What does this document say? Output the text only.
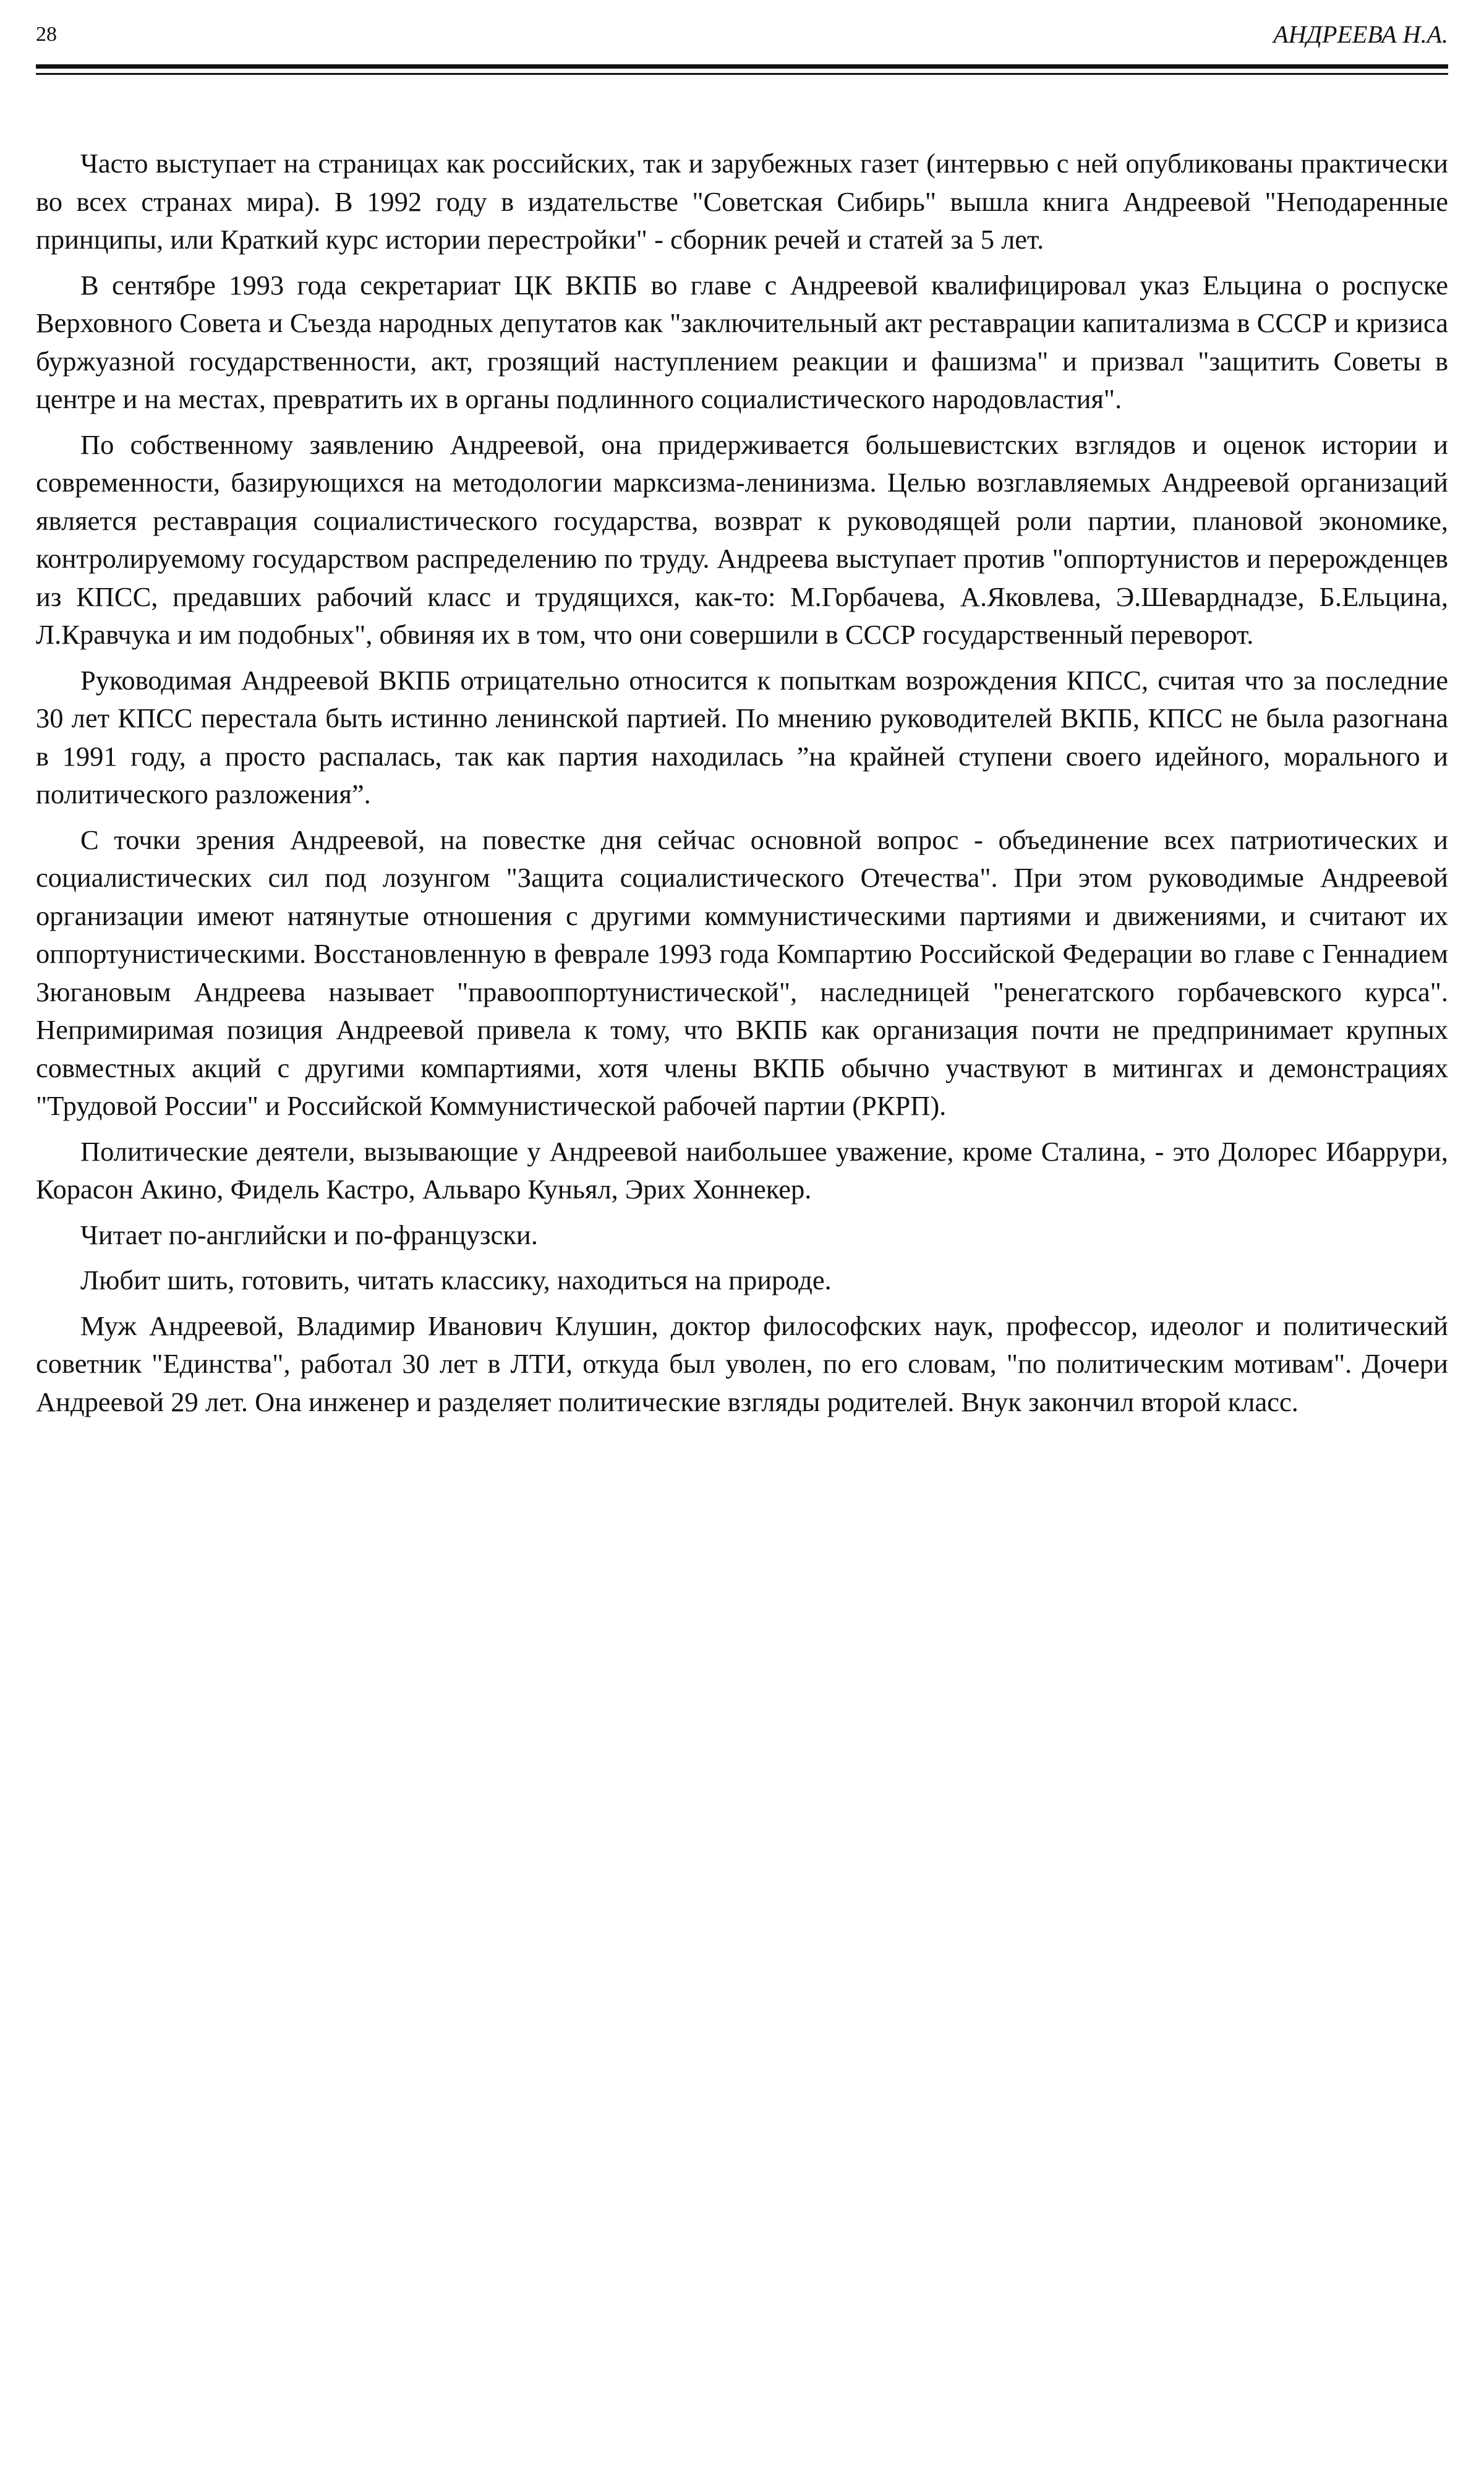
28	АНДРЕЕВА Н.А.

Часто выступает на страницах как российских, так и зарубежных газет (интервью с ней опубликованы практически во всех странах мира). В 1992 году в издательстве "Советская Сибирь" вышла книга Андреевой "Неподаренные принципы, или Краткий курс истории перестройки" - сборник речей и статей за 5 лет.

В сентябре 1993 года секретариат ЦК ВКПБ во главе с Андреевой квалифицировал указ Ельцина о роспуске Верховного Совета и Съезда народных депутатов как "заключительный акт реставрации капитализма в СССР и кризиса буржуазной государственности, акт, грозящий наступлением реакции и фашизма" и призвал "защитить Советы в центре и на местах, превратить их в органы подлинного социалистического народовластия".

По собственному заявлению Андреевой, она придерживается большевистских взглядов и оценок истории и современности, базирующихся на методологии марксизма-ленинизма. Целью возглавляемых Андреевой организаций является реставрация социалистического государства, возврат к руководящей роли партии, плановой экономике, контролируемому государством распределению по труду. Андреева выступает против "оппортунистов и перерожденцев из КПСС, предавших рабочий класс и трудящихся, как-то: М.Горбачева, А.Яковлева, Э.Шеварднадзе, Б.Ельцина, Л.Кравчука и им подобных", обвиняя их в том, что они совершили в СССР государственный переворот.

Руководимая Андреевой ВКПБ отрицательно относится к попыткам возрождения КПСС, считая что за последние 30 лет КПСС перестала быть истинно ленинской партией. По мнению руководителей ВКПБ, КПСС не была разогнана в 1991 году, а просто распалась, так как партия находилась ”на крайней ступени своего идейного, морального и политического разложения”.

С точки зрения Андреевой, на повестке дня сейчас основной вопрос - объединение всех патриотических и социалистических сил под лозунгом "Защита социалистического Отечества". При этом руководимые Андреевой организации имеют натянутые отношения с другими коммунистическими партиями и движениями, и считают их оппортунистическими. Восстановленную в феврале 1993 года Компартию Российской Федерации во главе с Геннадием Зюгановым Андреева называет "правооппортунистической", наследницей "ренегатского горбачевского курса". Непримиримая позиция Андреевой привела к тому, что ВКПБ как организация почти не предпринимает крупных совместных акций с другими компартиями, хотя члены ВКПБ обычно участвуют в митингах и демонстрациях "Трудовой России" и Российской Коммунистической рабочей партии (РКРП).

Политические деятели, вызывающие у Андреевой наибольшее уважение, кроме Сталина, - это Долорес Ибаррури, Корасон Акино, Фидель Кастро, Альваро Куньял, Эрих Хоннекер.

Читает по-английски и по-французски.

Любит шить, готовить, читать классику, находиться на природе.

Муж Андреевой, Владимир Иванович Клушин, доктор философских наук, профессор, идеолог и политический советник "Единства", работал 30 лет в ЛТИ, откуда был уволен, по его словам, "по политическим мотивам". Дочери Андреевой 29 лет. Она инженер и разделяет политические взгляды родителей. Внук закончил второй класс.
